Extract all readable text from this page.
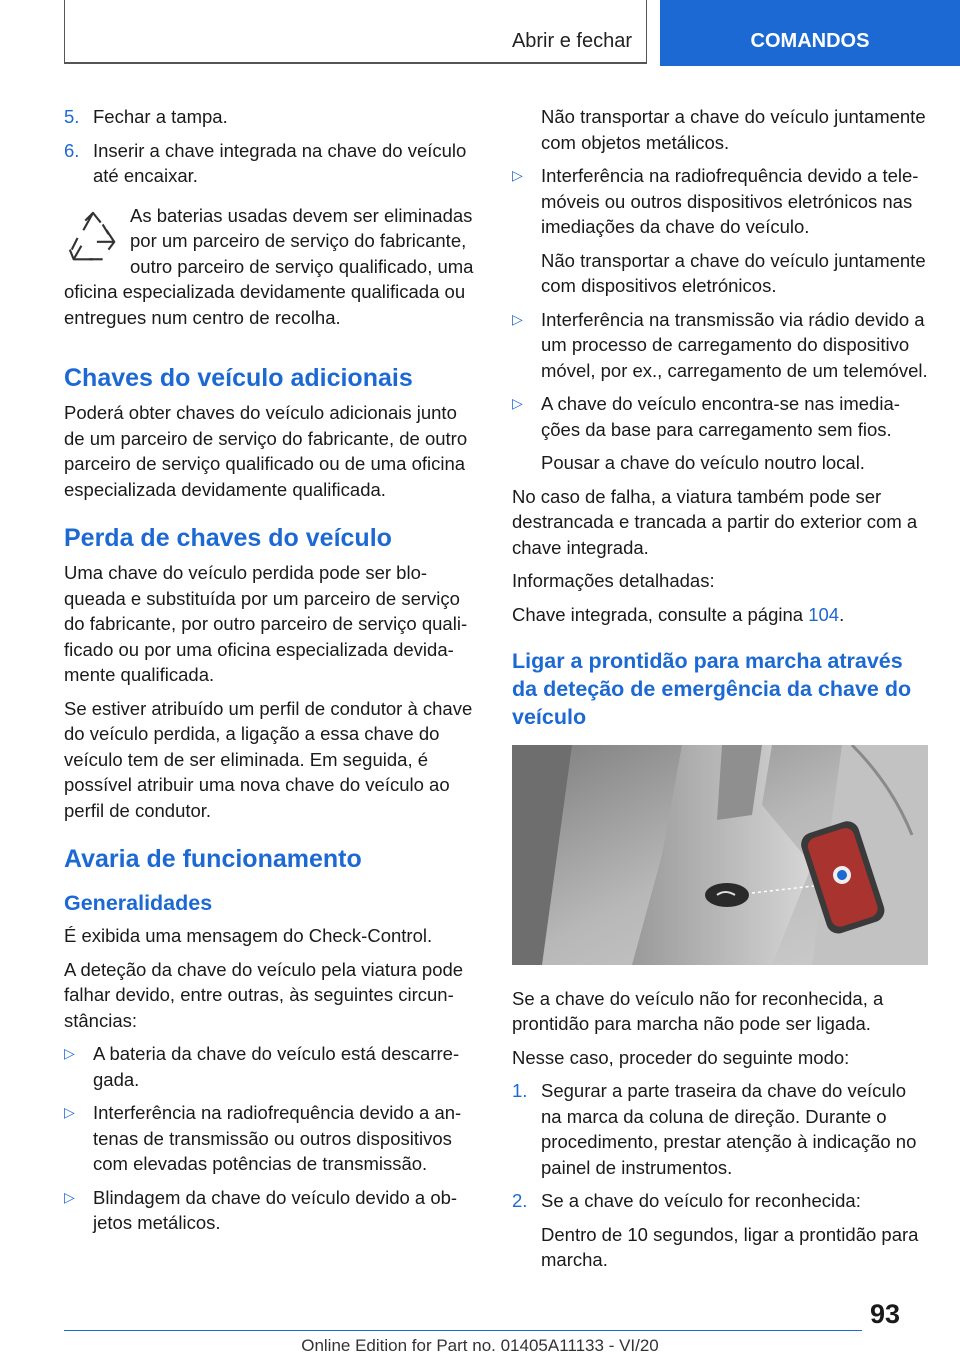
Abrir e fechar	COMANDOS
5. Fechar a tampa.
6. Inserir a chave integrada na chave do veículo até encaixar.
As baterias usadas devem ser eliminadas por um parceiro de serviço do fabricante, outro parceiro de serviço qualificado, uma oficina especializada devidamente qualificada ou entregues num centro de recolha.
Chaves do veículo adicionais

Poderá obter chaves do veículo adicionais junto de um parceiro de serviço do fabricante, de outro parceiro de serviço qualificado ou de uma oficina especializada devidamente qualificada.

Perda de chaves do veículo

Uma chave do veículo perdida pode ser bloqueada e substituída por um parceiro de serviço do fabricante, por outro parceiro de serviço qualificado ou por uma oficina especializada devidamente qualificada.

Se estiver atribuído um perfil de condutor à chave do veículo perdida, a ligação a essa chave do veículo tem de ser eliminada. Em seguida, é possível atribuir uma nova chave do veículo ao perfil de condutor.

Avaria de funcionamento
Generalidades

É exibida uma mensagem do Check-Control.

A deteção da chave do veículo pela viatura pode falhar devido, entre outras, às seguintes circunstâncias:

▷ A bateria da chave do veículo está descarregada.
▷ Interferência na radiofrequência devido a antenas de transmissão ou outros dispositivos com elevadas potências de transmissão.
▷ Blindagem da chave do veículo devido a objetos metálicos.

Não transportar a chave do veículo juntamente com objetos metálicos.

▷ Interferência na radiofrequência devido a telemóveis ou outros dispositivos eletrónicos nas imediações da chave do veículo.

Não transportar a chave do veículo juntamente com dispositivos eletrónicos.

▷ Interferência na transmissão via rádio devido a um processo de carregamento do dispositivo móvel, por ex., carregamento de um telemóvel.
▷ A chave do veículo encontra-se nas imediações da base para carregamento sem fios.

Pousar a chave do veículo noutro local.

No caso de falha, a viatura também pode ser destrancada e trancada a partir do exterior com a chave integrada.

Informações detalhadas:

Chave integrada, consulte a página 104.

Ligar a prontidão para marcha através da deteção de emergência da chave do veículo

Se a chave do veículo não for reconhecida, a prontidão para marcha não pode ser ligada.

Nesse caso, proceder do seguinte modo:

1. Segurar a parte traseira da chave do veículo na marca da coluna de direção. Durante o procedimento, prestar atenção à indicação no painel de instrumentos.
2. Se a chave do veículo for reconhecida:

Dentro de 10 segundos, ligar a prontidão para marcha.

93
Online Edition for Part no. 01405A11133 - VI/20
